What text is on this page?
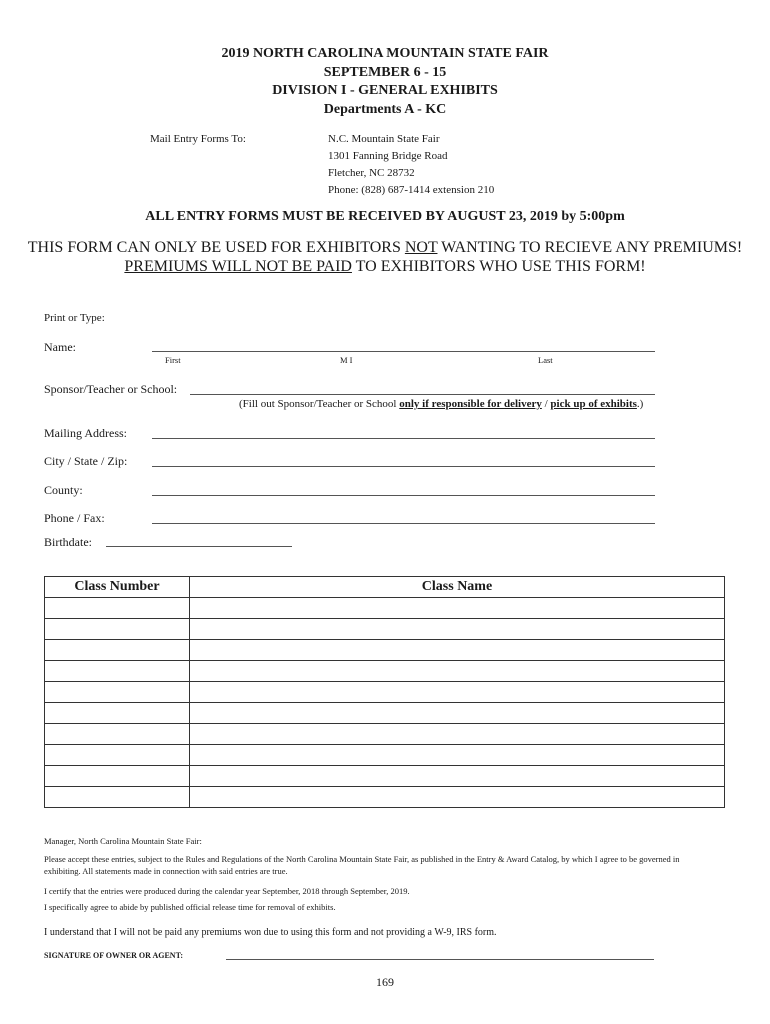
2019 NORTH CAROLINA MOUNTAIN STATE FAIR
SEPTEMBER 6 - 15
DIVISION I - GENERAL EXHIBITS
Departments A - KC
Mail Entry Forms To:	N.C. Mountain State Fair
1301 Fanning Bridge Road
Fletcher, NC 28732
Phone: (828) 687-1414 extension 210
ALL ENTRY FORMS MUST BE RECEIVED BY AUGUST 23, 2019 by 5:00pm
THIS FORM CAN ONLY BE USED FOR EXHIBITORS NOT WANTING TO RECIEVE ANY PREMIUMS!
PREMIUMS WILL NOT BE PAID TO EXHIBITORS WHO USE THIS FORM!
Print or Type:
Name:
First	M I	Last
Sponsor/Teacher or School:
(Fill out Sponsor/Teacher or School only if responsible for delivery / pick up of exhibits.)
Mailing Address:
City / State / Zip:
County:
Phone / Fax:
Birthdate:
Class Number	Class Name

Manager, North Carolina Mountain State Fair:
Please accept these entries, subject to the Rules and Regulations of the North Carolina Mountain State Fair, as published in the Entry & Award Catalog, by which I agree to be governed in
exhibiting. All statements made in connection with said entries are true.
I certify that the entries were produced during the calendar year September, 2018 through September, 2019.
I specifically agree to abide by published official release time for removal of exhibits.
I understand that I will not be paid any premiums won due to using this form and not providing a W-9, IRS form.
SIGNATURE OF OWNER OR AGENT:
169
